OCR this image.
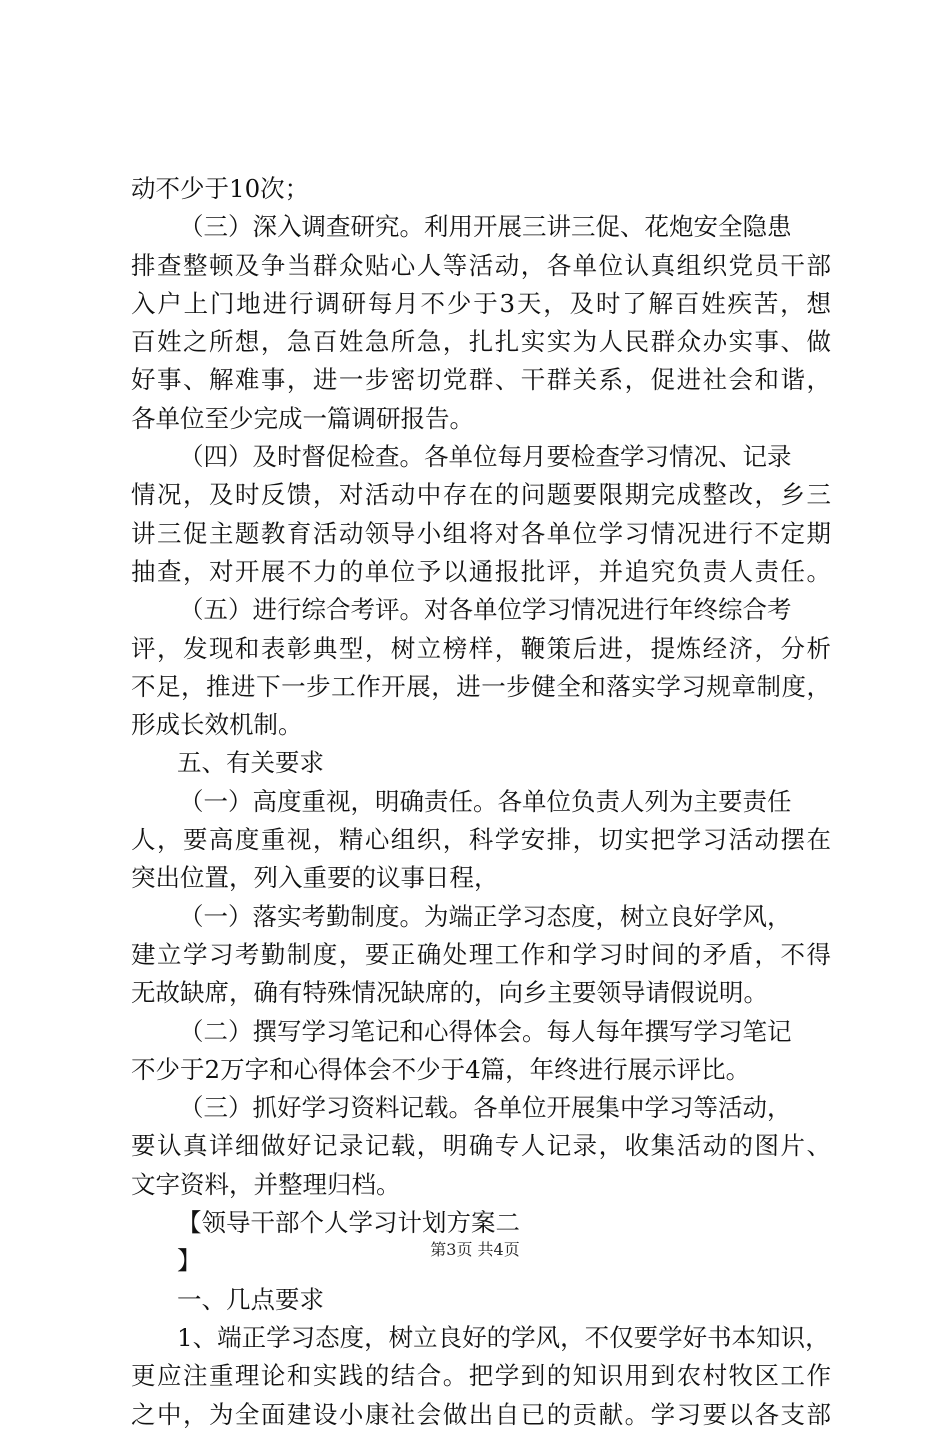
动不少于10次；
（三）深入调查研究。利用开展三讲三促、花炮安全隐患
排查整顿及争当群众贴心人等活动，各单位认真组织党员干部
入户上门地进行调研每月不少于3天，及时了解百姓疾苦，想
百姓之所想，急百姓急所急，扎扎实实为人民群众办实事、做
好事、解难事，进一步密切党群、干群关系，促进社会和谐，
各单位至少完成一篇调研报告。
（四）及时督促检查。各单位每月要检查学习情况、记录
情况，及时反馈，对活动中存在的问题要限期完成整改，乡三
讲三促主题教育活动领导小组将对各单位学习情况进行不定期
抽查，对开展不力的单位予以通报批评，并追究负责人责任。
（五）进行综合考评。对各单位学习情况进行年终综合考
评，发现和表彰典型，树立榜样，鞭策后进，提炼经济，分析
不足，推进下一步工作开展，进一步健全和落实学习规章制度，
形成长效机制。
五、有关要求
（一）高度重视，明确责任。各单位负责人列为主要责任
人，要高度重视，精心组织，科学安排，切实把学习活动摆在
突出位置，列入重要的议事日程，
（一）落实考勤制度。为端正学习态度，树立良好学风，
建立学习考勤制度，要正确处理工作和学习时间的矛盾，不得
无故缺席，确有特殊情况缺席的，向乡主要领导请假说明。
（二）撰写学习笔记和心得体会。每人每年撰写学习笔记
不少于2万字和心得体会不少于4篇，年终进行展示评比。
（三）抓好学习资料记载。各单位开展集中学习等活动，
要认真详细做好记录记载，明确专人记录，收集活动的图片、
文字资料，并整理归档。
【领导干部个人学习计划方案二
】
一、几点要求
1、端正学习态度，树立良好的学风，不仅要学好书本知识，
更应注重理论和实践的结合。把学到的知识用到农村牧区工作
之中，为全面建设小康社会做出自已的贡献。学习要以各支部
第3页 共4页
